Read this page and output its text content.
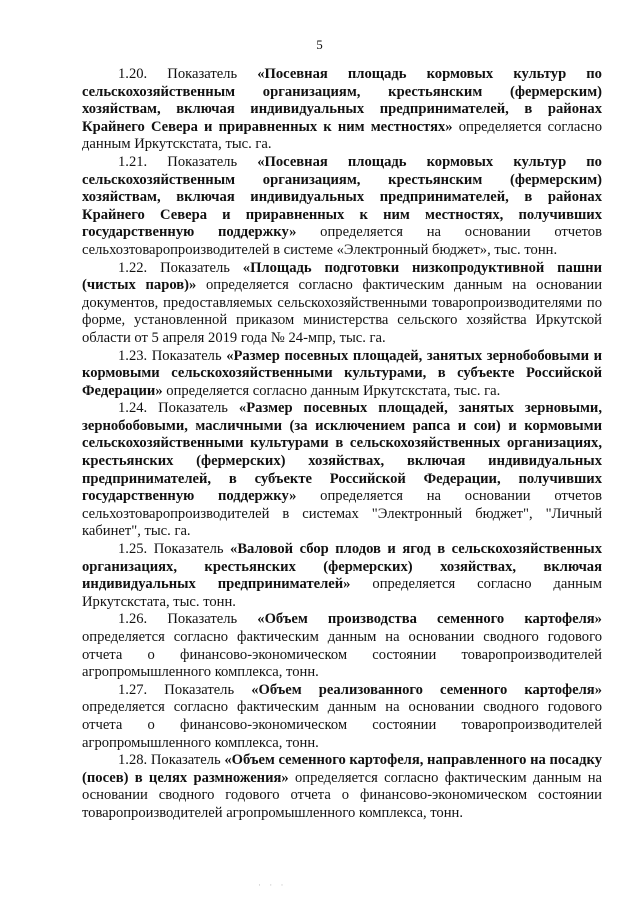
5

1.20. Показатель «Посевная площадь кормовых культур по сельскохозяйственным организациям, крестьянским (фермерским) хозяйствам, включая индивидуальных предпринимателей, в районах Крайнего Севера и приравненных к ним местностях» определяется согласно данным Иркутскстата, тыс. га.

1.21. Показатель «Посевная площадь кормовых культур по сельскохозяйственным организациям, крестьянским (фермерским) хозяйствам, включая индивидуальных предпринимателей, в районах Крайнего Севера и приравненных к ним местностях, получивших государственную поддержку» определяется на основании отчетов сельхозтоваропроизводителей в системе «Электронный бюджет», тыс. тонн.

1.22. Показатель «Площадь подготовки низкопродуктивной пашни (чистых паров)» определяется согласно фактическим данным на основании документов, предоставляемых сельскохозяйственными товаропроизводителями по форме, установленной приказом министерства сельского хозяйства Иркутской области от 5 апреля 2019 года № 24-мпр, тыс. га.

1.23. Показатель «Размер посевных площадей, занятых зернобобовыми и кормовыми сельскохозяйственными культурами, в субъекте Российской Федерации» определяется согласно данным Иркутскстата, тыс. га.

1.24. Показатель «Размер посевных площадей, занятых зерновыми, зернобобовыми, масличными (за исключением рапса и сои) и кормовыми сельскохозяйственными культурами в сельскохозяйственных организациях, крестьянских (фермерских) хозяйствах, включая индивидуальных предпринимателей, в субъекте Российской Федерации, получивших государственную поддержку» определяется на основании отчетов сельхозтоваропроизводителей в системах "Электронный бюджет", "Личный кабинет", тыс. га.

1.25. Показатель «Валовой сбор плодов и ягод в сельскохозяйственных организациях, крестьянских (фермерских) хозяйствах, включая индивидуальных предпринимателей» определяется согласно данным Иркутскстата, тыс. тонн.

1.26. Показатель «Объем производства семенного картофеля» определяется согласно фактическим данным на основании сводного годового отчета о финансово-экономическом состоянии товаропроизводителей агропромышленного комплекса, тонн.

1.27. Показатель «Объем реализованного семенного картофеля» определяется согласно фактическим данным на основании сводного годового отчета о финансово-экономическом состоянии товаропроизводителей агропромышленного комплекса, тонн.

1.28. Показатель «Объем семенного картофеля, направленного на посадку (посев) в целях размножения» определяется согласно фактическим данным на основании сводного годового отчета о финансово-экономическом состоянии товаропроизводителей агропромышленного комплекса, тонн.

· · ·
